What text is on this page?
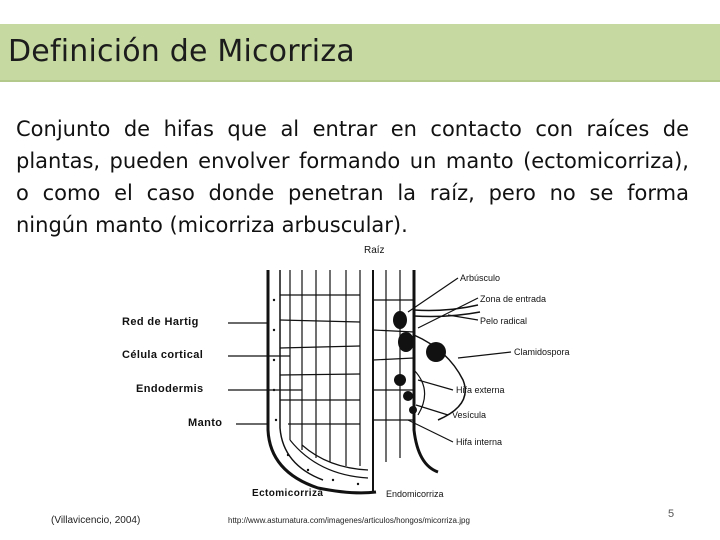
Definición de Micorriza
Conjunto de hifas que al entrar en contacto con raíces de plantas, pueden envolver formando un manto (ectomicorriza), o como el caso donde penetran la raíz, pero no se forma ningún manto (micorriza arbuscular).
Raíz
Red de Hartig
Célula cortical
Endodermis
Manto
Arbúsculo
Zona de entrada
Pelo radical
Clamidospora
Hifa externa
Vesícula
Hifa interna
Ectomicorriza	Endomicorriza
(Villavicencio, 2004)	http://www.asturnatura.com/imagenes/articulos/hongos/micorriza.jpg
5
